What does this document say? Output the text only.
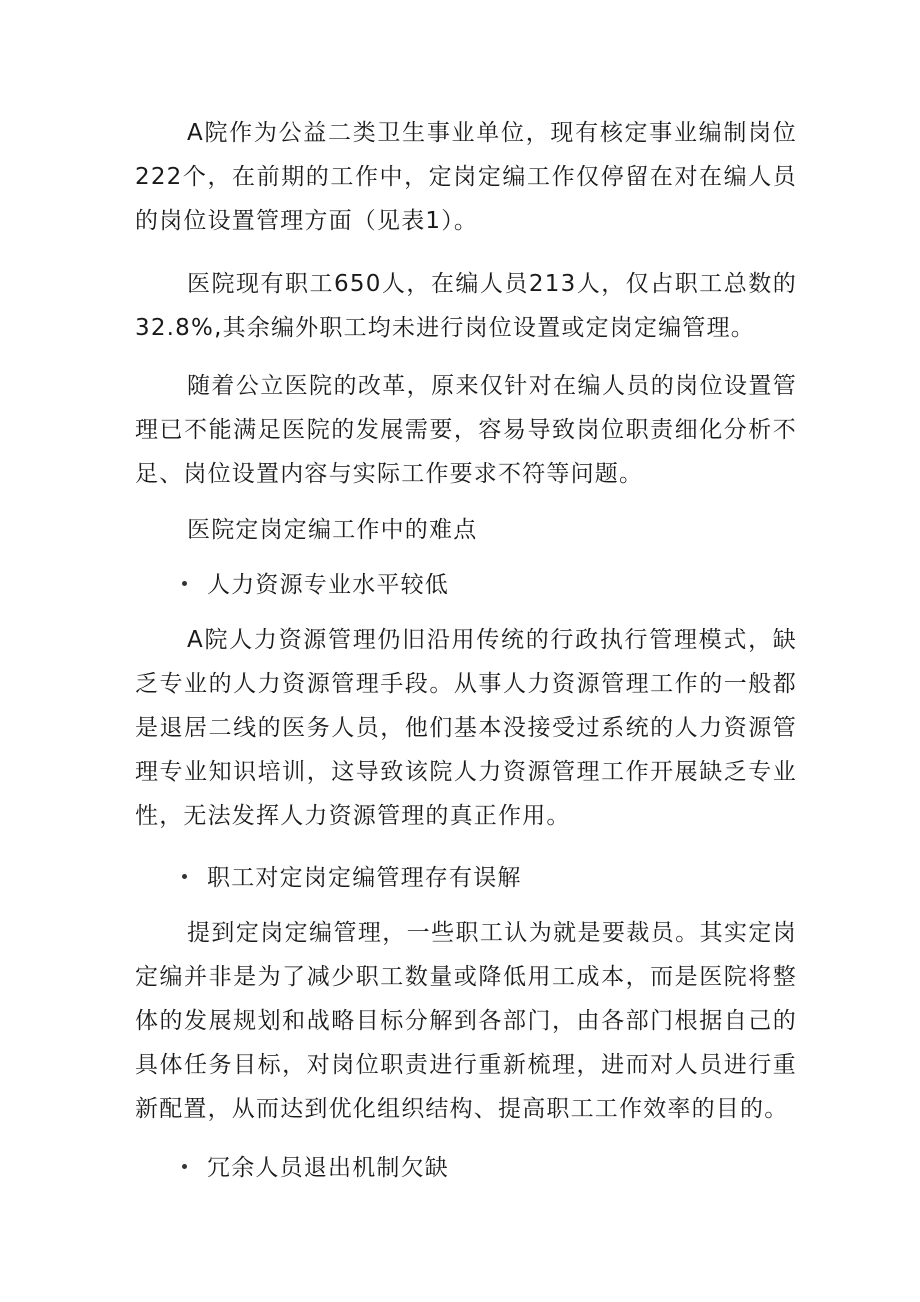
A院作为公益二类卫生事业单位，现有核定事业编制岗位222个，在前期的工作中，定岗定编工作仅停留在对在编人员的岗位设置管理方面（见表1）。

医院现有职工650人，在编人员213人，仅占职工总数的32.8%,其余编外职工均未进行岗位设置或定岗定编管理。

随着公立医院的改革，原来仅针对在编人员的岗位设置管理已不能满足医院的发展需要，容易导致岗位职责细化分析不足、岗位设置内容与实际工作要求不符等问题。

医院定岗定编工作中的难点

人力资源专业水平较低

A院人力资源管理仍旧沿用传统的行政执行管理模式，缺乏专业的人力资源管理手段。从事人力资源管理工作的一般都是退居二线的医务人员，他们基本没接受过系统的人力资源管理专业知识培训，这导致该院人力资源管理工作开展缺乏专业性，无法发挥人力资源管理的真正作用。

职工对定岗定编管理存有误解

提到定岗定编管理，一些职工认为就是要裁员。其实定岗定编并非是为了减少职工数量或降低用工成本，而是医院将整体的发展规划和战略目标分解到各部门，由各部门根据自己的具体任务目标，对岗位职责进行重新梳理，进而对人员进行重新配置，从而达到优化组织结构、提高职工工作效率的目的。

冗余人员退出机制欠缺
